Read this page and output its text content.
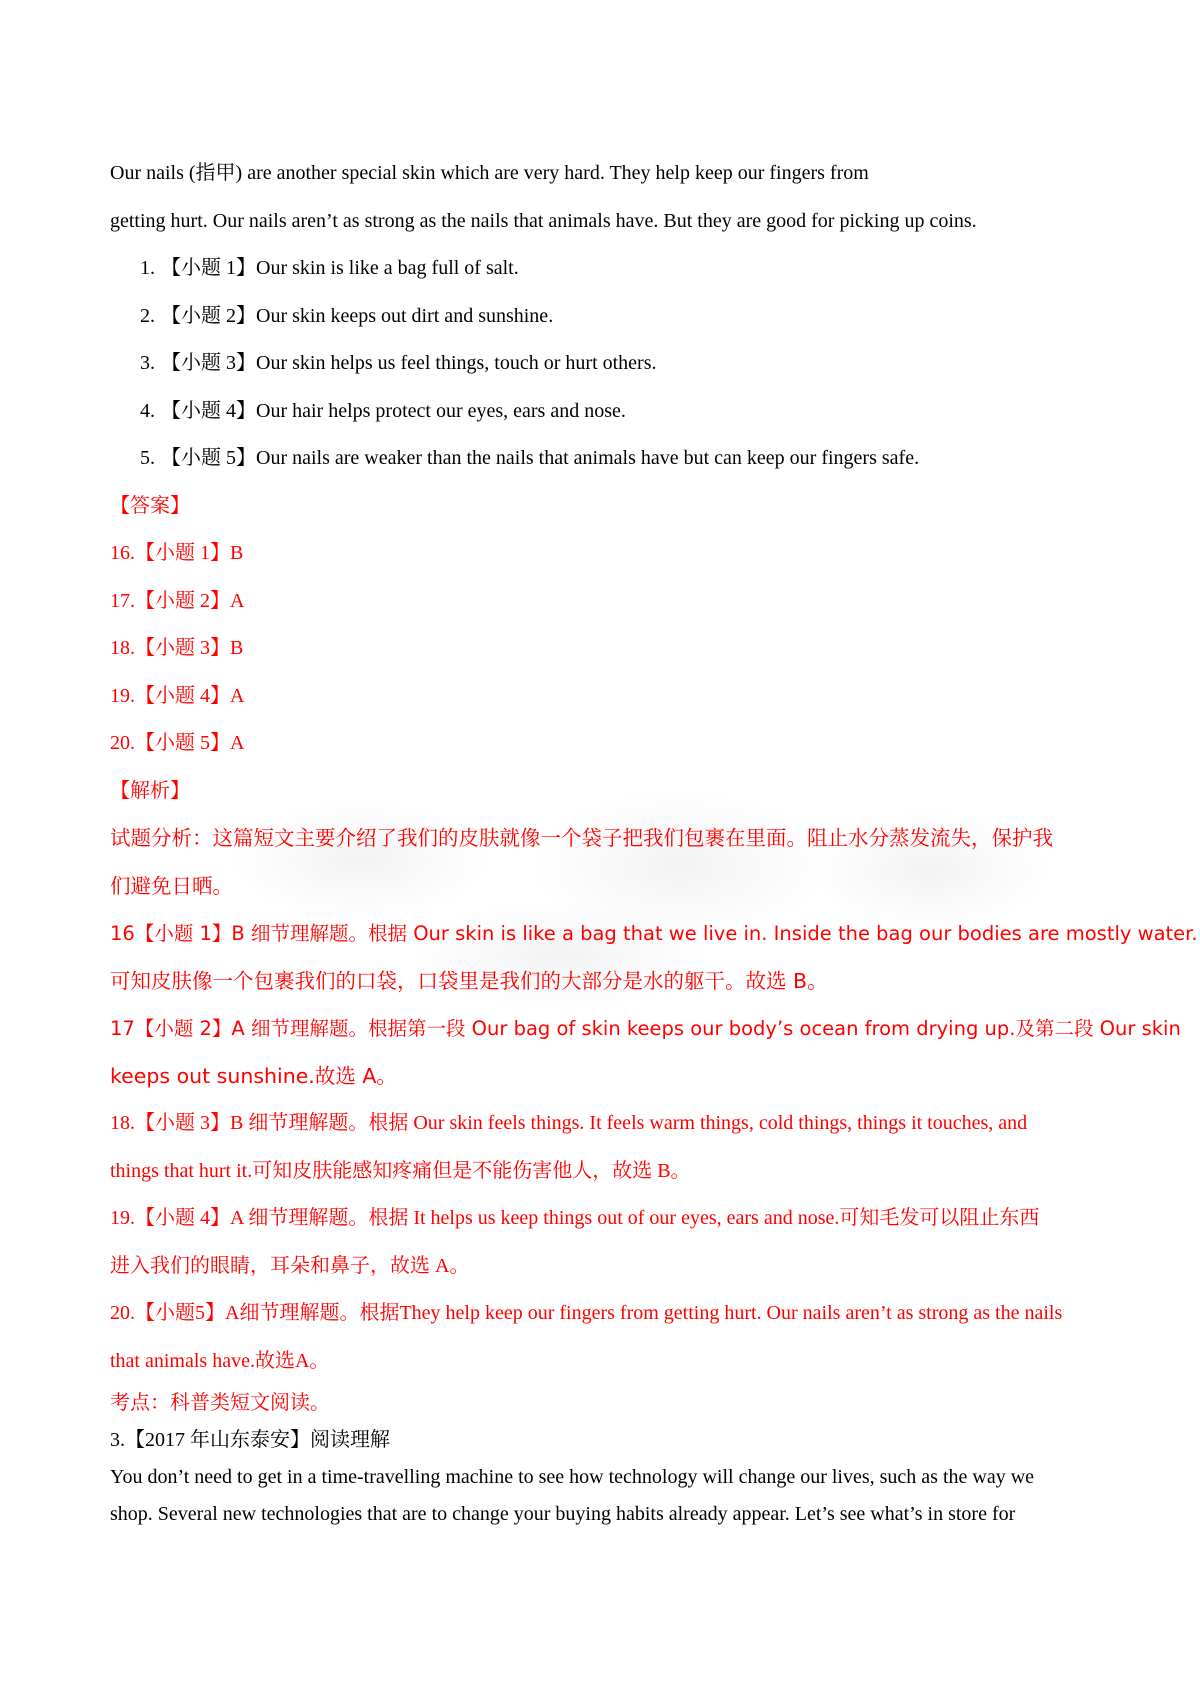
Our nails (指甲) are another special skin which are very hard. They help keep our fingers from
getting hurt. Our nails aren’t as strong as the nails that animals have. But they are good for picking up coins.
1. 【小题 1】Our skin is like a bag full of salt.
2. 【小题 2】Our skin keeps out dirt and sunshine.
3. 【小题 3】Our skin helps us feel things, touch or hurt others.
4. 【小题 4】Our hair helps protect our eyes, ears and nose.
5. 【小题 5】Our nails are weaker than the nails that animals have but can keep our fingers safe.
【答案】
16.【小题 1】B
17.【小题 2】A
18.【小题 3】B
19.【小题 4】A
20.【小题 5】A
【解析】
试题分析：这篇短文主要介绍了我们的皮肤就像一个袋子把我们包裹在里面。阻止水分蒸发流失，保护我
们避免日晒。
16【小题 1】B 细节理解题。根据 Our skin is like a bag that we live in. Inside the bag our bodies are mostly water.
可知皮肤像一个包裹我们的口袋，口袋里是我们的大部分是水的躯干。故选 B。
17【小题 2】A 细节理解题。根据第一段 Our bag of skin keeps our body’s ocean from drying up.及第二段 Our skin
keeps out sunshine.故选 A。
18.【小题 3】B 细节理解题。根据 Our skin feels things. It feels warm things, cold things, things it touches, and
things that hurt it.可知皮肤能感知疼痛但是不能伤害他人，故选 B。
19.【小题 4】A 细节理解题。根据 It helps us keep things out of our eyes, ears and nose.可知毛发可以阻止东西
进入我们的眼睛，耳朵和鼻子，故选 A。
20.【小题5】A细节理解题。根据They help keep our fingers from getting hurt. Our nails aren’t as strong as the nails
that animals have.故选A。
考点：科普类短文阅读。
3.【2017 年山东泰安】阅读理解
You don’t need to get in a time-travelling machine to see how technology will change our lives, such as the way we
shop. Several new technologies that are to change your buying habits already appear. Let’s see what’s in store for
